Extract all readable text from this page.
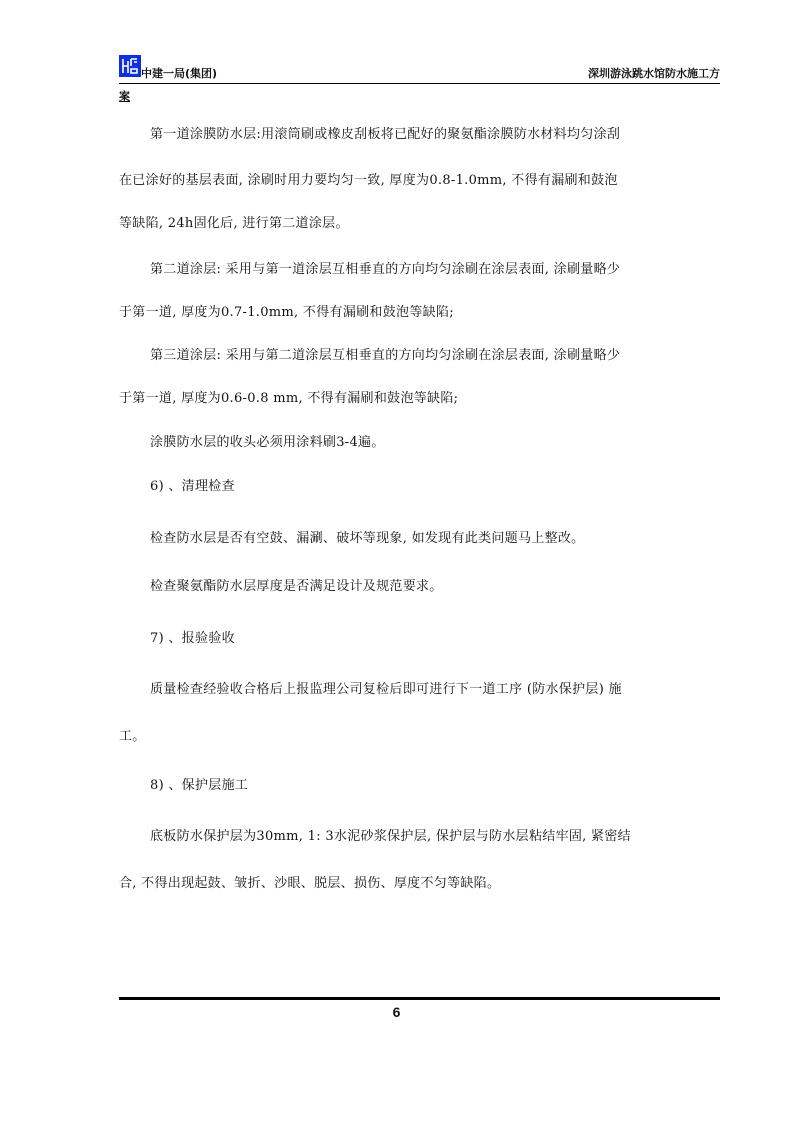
中建一局(集团)	深圳游泳跳水馆防水施工方
案
第一道涂膜防水层:用滚筒刷或橡皮刮板将已配好的聚氨酯涂膜防水材料均匀涂刮
在已涂好的基层表面, 涂刷时用力要均匀一致, 厚度为0.8-1.0mm, 不得有漏刷和鼓泡
等缺陷, 24h固化后, 进行第二道涂层。
第二道涂层: 采用与第一道涂层互相垂直的方向均匀涂刷在涂层表面, 涂刷量略少
于第一道, 厚度为0.7-1.0mm, 不得有漏刷和鼓泡等缺陷;
第三道涂层: 采用与第二道涂层互相垂直的方向均匀涂刷在涂层表面, 涂刷量略少
于第一道, 厚度为0.6-0.8 mm, 不得有漏刷和鼓泡等缺陷;
涂膜防水层的收头必须用涂料刷3-4遍。
6) 、清理检查
检查防水层是否有空鼓、漏涮、破坏等现象, 如发现有此类问题马上整改。
检查聚氨酯防水层厚度是否满足设计及规范要求。
7) 、报验验收
质量检查经验收合格后上报监理公司复检后即可进行下一道工序 (防水保护层) 施
工。
8) 、保护层施工
底板防水保护层为30mm, 1: 3水泥砂浆保护层, 保护层与防水层粘结牢固, 紧密结
合, 不得出现起鼓、皱折、沙眼、脱层、损伤、厚度不匀等缺陷。
6
